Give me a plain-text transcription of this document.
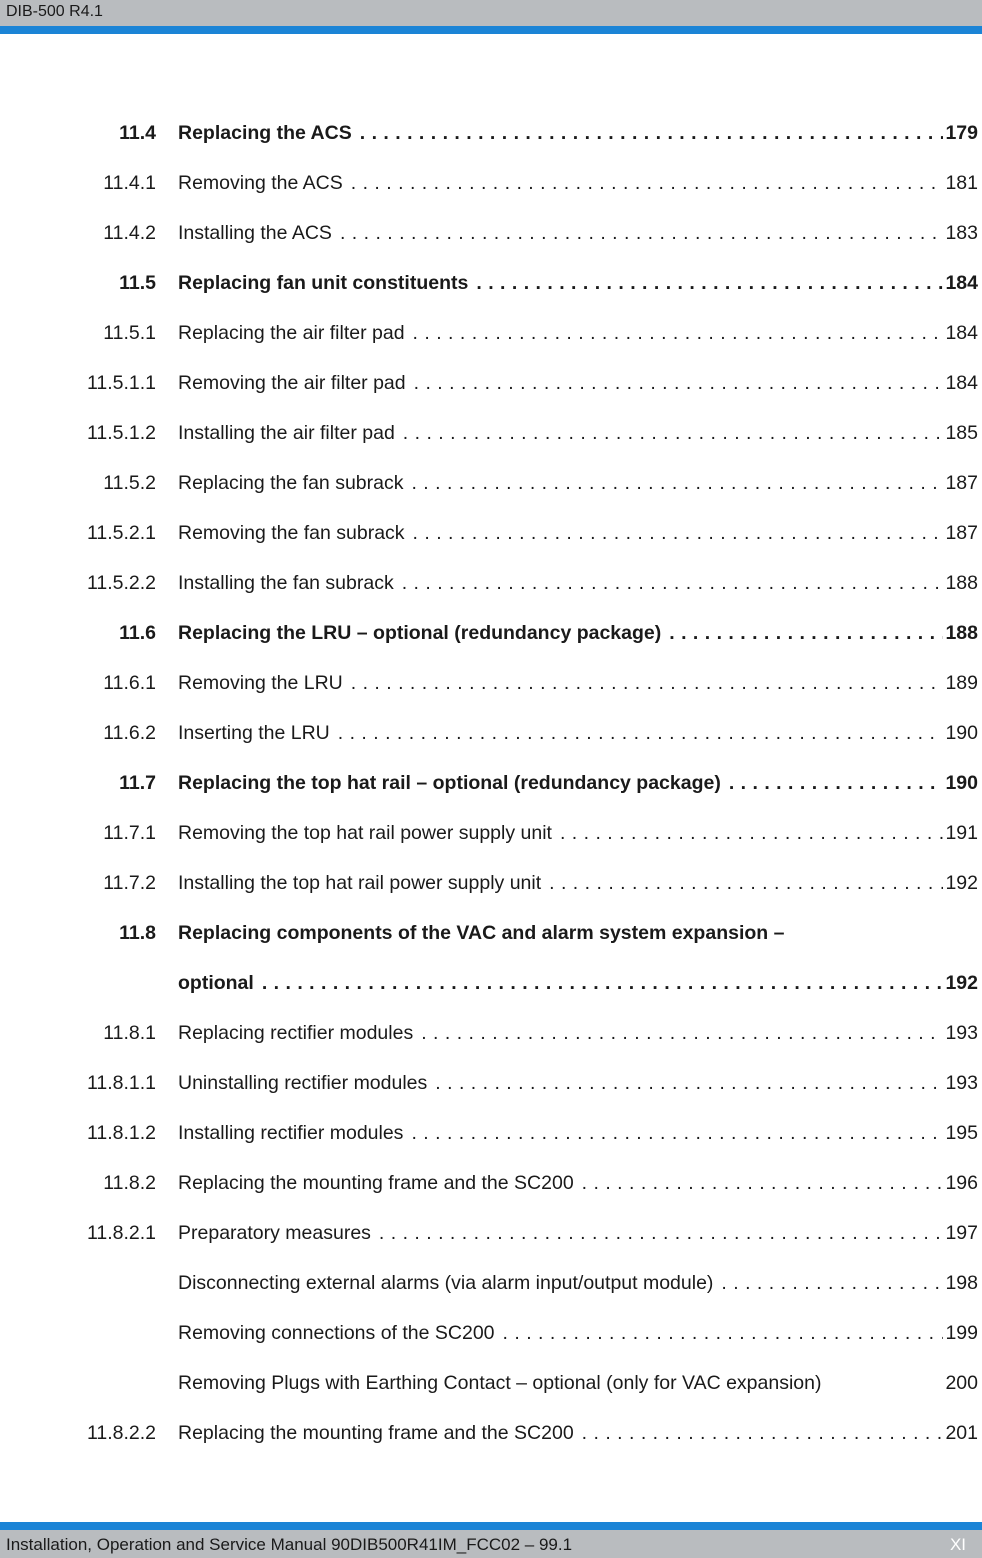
DIB-500 R4.1
11.4 Replacing the ACS . . .	179
11.4.1 Removing the ACS . . .	181
11.4.2 Installing the ACS . . .	183
11.5 Replacing fan unit constituents . . .	184
11.5.1 Replacing the air filter pad . . .	184
11.5.1.1 Removing the air filter pad . . .	184
11.5.1.2 Installing the air filter pad . . .	185
11.5.2 Replacing the fan subrack . . .	187
11.5.2.1 Removing the fan subrack . . .	187
11.5.2.2 Installing the fan subrack . . .	188
11.6 Replacing the LRU – optional (redundancy package) . . .	188
11.6.1 Removing the LRU . . .	189
11.6.2 Inserting the LRU . . .	190
11.7 Replacing the top hat rail – optional (redundancy package) . . .	190
11.7.1 Removing the top hat rail power supply unit . . .	191
11.7.2 Installing the top hat rail power supply unit . . .	192
11.8 Replacing components of the VAC and alarm system expansion –
optional . . .	192
11.8.1 Replacing rectifier modules . . .	193
11.8.1.1 Uninstalling rectifier modules . . .	193
11.8.1.2 Installing rectifier modules . . .	195
11.8.2 Replacing the mounting frame and the SC200 . . .	196
11.8.2.1 Preparatory measures . . .	197
Disconnecting external alarms (via alarm input/output module) . . .	198
Removing connections of the SC200 . . .	199
Removing Plugs with Earthing Contact – optional (only for VAC expansion)	200
11.8.2.2 Replacing the mounting frame and the SC200 . . .	201
Installation, Operation and Service Manual 90DIB500R41IM_FCC02 – 99.1	XI
